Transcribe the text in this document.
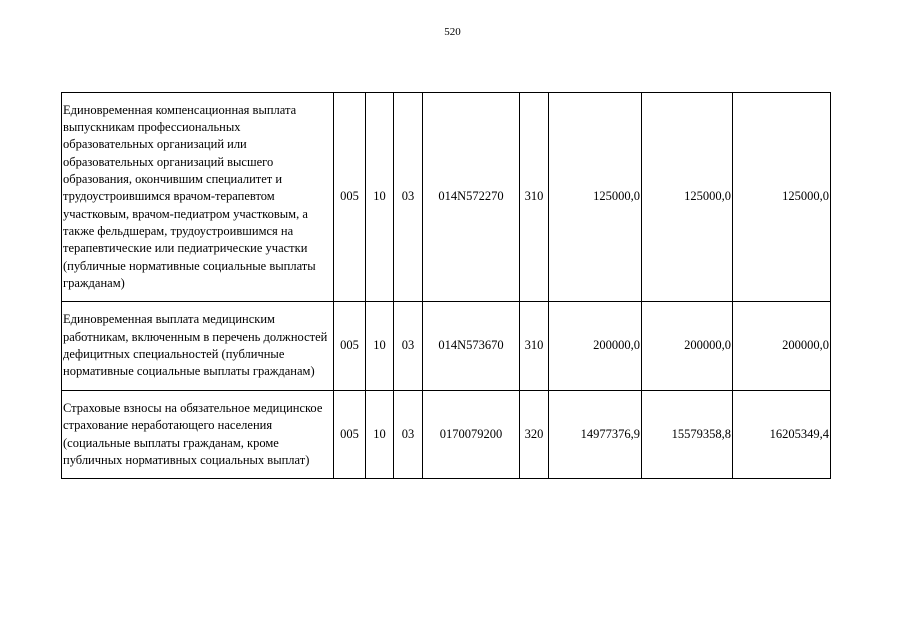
520
Единовременная компенсационная выплата выпускникам профессиональных образовательных организаций или образовательных организаций высшего образования, окончившим специалитет и трудоустроившимся врачом-терапевтом участковым, врачом-педиатром участковым, а также фельдшерам, трудоустроившимся на терапевтические или педиатрические участки (публичные нормативные социальные выплаты гражданам)	005	10	03	014N572270	310	125000,0	125000,0	125000,0
Единовременная выплата медицинским работникам, включенным в перечень должностей дефицитных специальностей (публичные нормативные социальные выплаты гражданам)	005	10	03	014N573670	310	200000,0	200000,0	200000,0
Страховые взносы на обязательное медицинское страхование неработающего населения (социальные выплаты гражданам, кроме публичных нормативных социальных выплат)	005	10	03	0170079200	320	14977376,9	15579358,8	16205349,4
